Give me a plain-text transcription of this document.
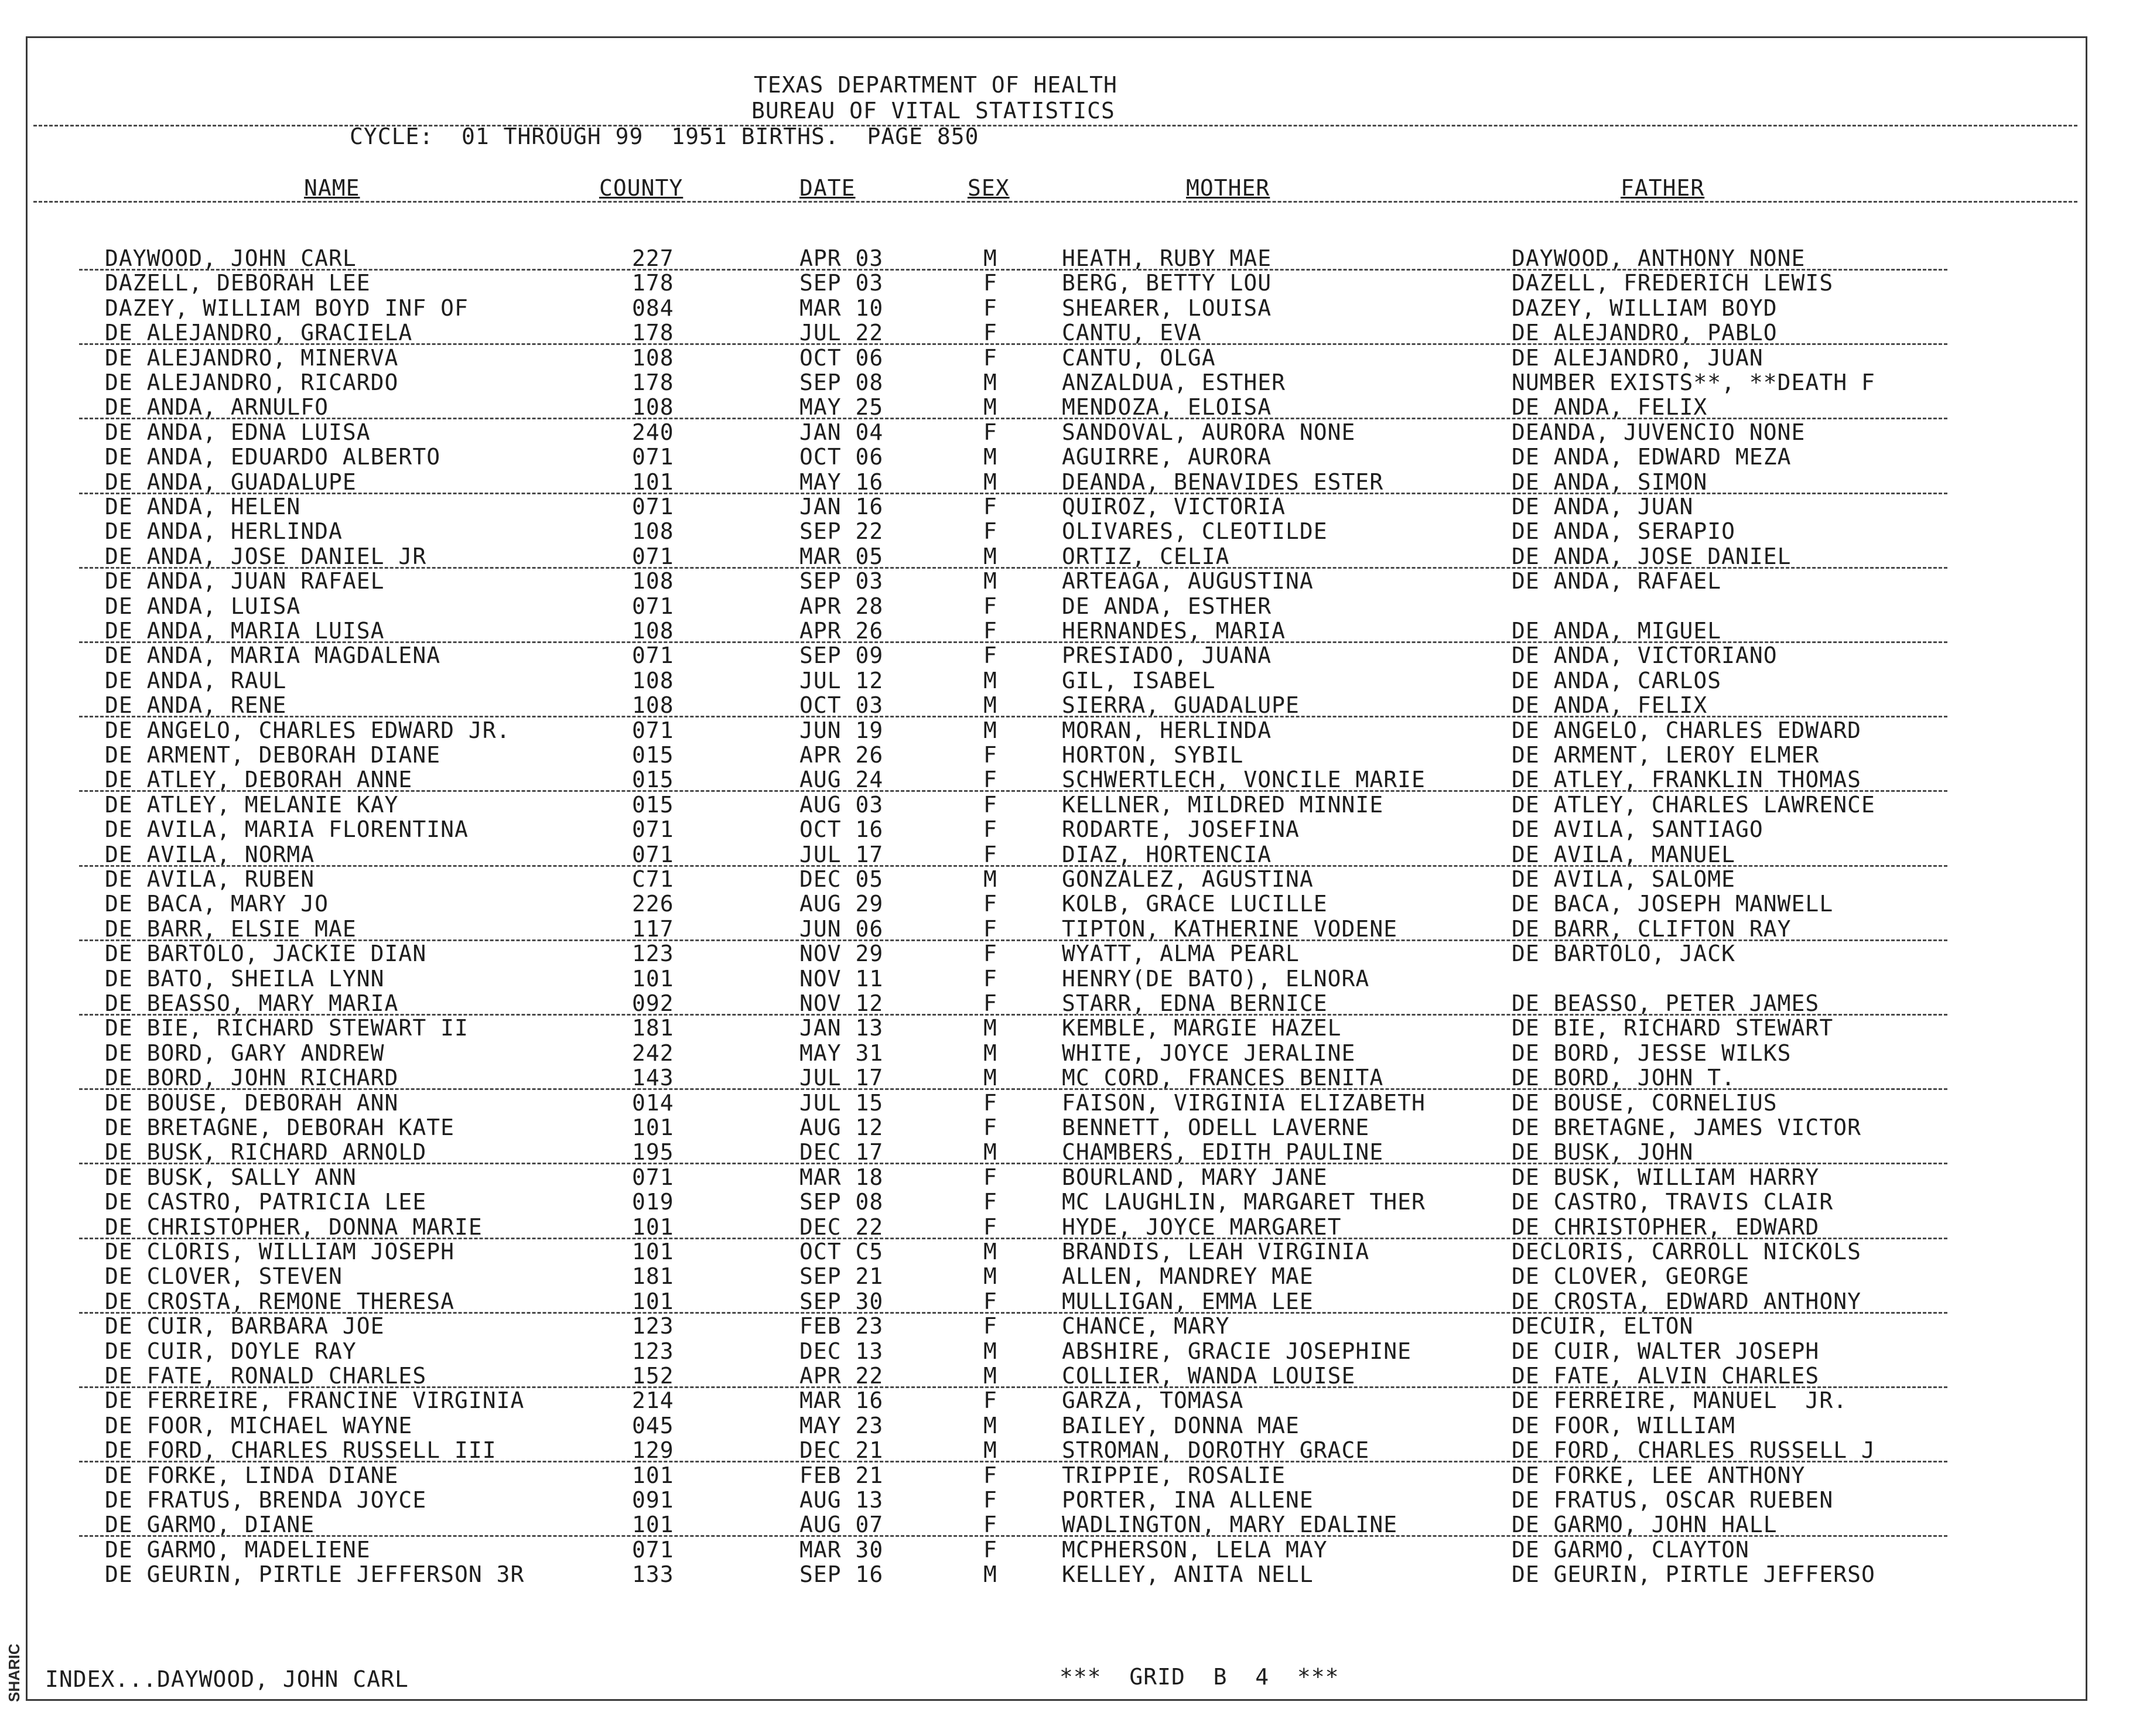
TEXAS DEPARTMENT OF HEALTH
BUREAU OF VITAL STATISTICS
CYCLE:  01 THROUGH 99  1951 BIRTHS.  PAGE 850
NAME	COUNTY	DATE	SEX	MOTHER	FATHER
DAYWOOD, JOHN CARL	227	APR 03	M	HEATH, RUBY MAE	DAYWOOD, ANTHONY NONE
DAZELL, DEBORAH LEE	178	SEP 03	F	BERG, BETTY LOU	DAZELL, FREDERICH LEWIS
DAZEY, WILLIAM BOYD INF OF	084	MAR 10	F	SHEARER, LOUISA	DAZEY, WILLIAM BOYD
DE ALEJANDRO, GRACIELA	178	JUL 22	F	CANTU, EVA	DE ALEJANDRO, PABLO
DE ALEJANDRO, MINERVA	108	OCT 06	F	CANTU, OLGA	DE ALEJANDRO, JUAN
DE ALEJANDRO, RICARDO	178	SEP 08	M	ANZALDUA, ESTHER	NUMBER EXISTS**, **DEATH F
DE ANDA, ARNULFO	108	MAY 25	M	MENDOZA, ELOISA	DE ANDA, FELIX
DE ANDA, EDNA LUISA	240	JAN 04	F	SANDOVAL, AURORA NONE	DEANDA, JUVENCIO NONE
DE ANDA, EDUARDO ALBERTO	071	OCT 06	M	AGUIRRE, AURORA	DE ANDA, EDWARD MEZA
DE ANDA, GUADALUPE	101	MAY 16	M	DEANDA, BENAVIDES ESTER	DE ANDA, SIMON
DE ANDA, HELEN	071	JAN 16	F	QUIROZ, VICTORIA	DE ANDA, JUAN
DE ANDA, HERLINDA	108	SEP 22	F	OLIVARES, CLEOTILDE	DE ANDA, SERAPIO
DE ANDA, JOSE DANIEL JR	071	MAR 05	M	ORTIZ, CELIA	DE ANDA, JOSE DANIEL
DE ANDA, JUAN RAFAEL	108	SEP 03	M	ARTEAGA, AUGUSTINA	DE ANDA, RAFAEL
DE ANDA, LUISA	071	APR 28	F	DE ANDA, ESTHER
DE ANDA, MARIA LUISA	108	APR 26	F	HERNANDES, MARIA	DE ANDA, MIGUEL
DE ANDA, MARIA MAGDALENA	071	SEP 09	F	PRESIADO, JUANA	DE ANDA, VICTORIANO
DE ANDA, RAUL	108	JUL 12	M	GIL, ISABEL	DE ANDA, CARLOS
DE ANDA, RENE	108	OCT 03	M	SIERRA, GUADALUPE	DE ANDA, FELIX
DE ANGELO, CHARLES EDWARD JR.	071	JUN 19	M	MORAN, HERLINDA	DE ANGELO, CHARLES EDWARD
DE ARMENT, DEBORAH DIANE	015	APR 26	F	HORTON, SYBIL	DE ARMENT, LEROY ELMER
DE ATLEY, DEBORAH ANNE	015	AUG 24	F	SCHWERTLECH, VONCILE MARIE	DE ATLEY, FRANKLIN THOMAS
DE ATLEY, MELANIE KAY	015	AUG 03	F	KELLNER, MILDRED MINNIE	DE ATLEY, CHARLES LAWRENCE
DE AVILA, MARIA FLORENTINA	071	OCT 16	F	RODARTE, JOSEFINA	DE AVILA, SANTIAGO
DE AVILA, NORMA	071	JUL 17	F	DIAZ, HORTENCIA	DE AVILA, MANUEL
DE AVILA, RUBEN	C71	DEC 05	M	GONZALEZ, AGUSTINA	DE AVILA, SALOME
DE BACA, MARY JO	226	AUG 29	F	KOLB, GRACE LUCILLE	DE BACA, JOSEPH MANWELL
DE BARR, ELSIE MAE	117	JUN 06	F	TIPTON, KATHERINE VODENE	DE BARR, CLIFTON RAY
DE BARTOLO, JACKIE DIAN	123	NOV 29	F	WYATT, ALMA PEARL	DE BARTOLO, JACK
DE BATO, SHEILA LYNN	101	NOV 11	F	HENRY(DE BATO), ELNORA
DE BEASSO, MARY MARIA	092	NOV 12	F	STARR, EDNA BERNICE	DE BEASSO, PETER JAMES
DE BIE, RICHARD STEWART II	181	JAN 13	M	KEMBLE, MARGIE HAZEL	DE BIE, RICHARD STEWART
DE BORD, GARY ANDREW	242	MAY 31	M	WHITE, JOYCE JERALINE	DE BORD, JESSE WILKS
DE BORD, JOHN RICHARD	143	JUL 17	M	MC CORD, FRANCES BENITA	DE BORD, JOHN T.
DE BOUSE, DEBORAH ANN	014	JUL 15	F	FAISON, VIRGINIA ELIZABETH	DE BOUSE, CORNELIUS
DE BRETAGNE, DEBORAH KATE	101	AUG 12	F	BENNETT, ODELL LAVERNE	DE BRETAGNE, JAMES VICTOR
DE BUSK, RICHARD ARNOLD	195	DEC 17	M	CHAMBERS, EDITH PAULINE	DE BUSK, JOHN
DE BUSK, SALLY ANN	071	MAR 18	F	BOURLAND, MARY JANE	DE BUSK, WILLIAM HARRY
DE CASTRO, PATRICIA LEE	019	SEP 08	F	MC LAUGHLIN, MARGARET THER	DE CASTRO, TRAVIS CLAIR
DE CHRISTOPHER, DONNA MARIE	101	DEC 22	F	HYDE, JOYCE MARGARET	DE CHRISTOPHER, EDWARD
DE CLORIS, WILLIAM JOSEPH	101	OCT C5	M	BRANDIS, LEAH VIRGINIA	DECLORIS, CARROLL NICKOLS
DE CLOVER, STEVEN	181	SEP 21	M	ALLEN, MANDREY MAE	DE CLOVER, GEORGE
DE CROSTA, REMONE THERESA	101	SEP 30	F	MULLIGAN, EMMA LEE	DE CROSTA, EDWARD ANTHONY
DE CUIR, BARBARA JOE	123	FEB 23	F	CHANCE, MARY	DECUIR, ELTON
DE CUIR, DOYLE RAY	123	DEC 13	M	ABSHIRE, GRACIE JOSEPHINE	DE CUIR, WALTER JOSEPH
DE FATE, RONALD CHARLES	152	APR 22	M	COLLIER, WANDA LOUISE	DE FATE, ALVIN CHARLES
DE FERREIRE, FRANCINE VIRGINIA	214	MAR 16	F	GARZA, TOMASA	DE FERREIRE, MANUEL  JR.
DE FOOR, MICHAEL WAYNE	045	MAY 23	M	BAILEY, DONNA MAE	DE FOOR, WILLIAM
DE FORD, CHARLES RUSSELL III	129	DEC 21	M	STROMAN, DOROTHY GRACE	DE FORD, CHARLES RUSSELL J
DE FORKE, LINDA DIANE	101	FEB 21	F	TRIPPIE, ROSALIE	DE FORKE, LEE ANTHONY
DE FRATUS, BRENDA JOYCE	091	AUG 13	F	PORTER, INA ALLENE	DE FRATUS, OSCAR RUEBEN
DE GARMO, DIANE	101	AUG 07	F	WADLINGTON, MARY EDALINE	DE GARMO, JOHN HALL
DE GARMO, MADELIENE	071	MAR 30	F	MCPHERSON, LELA MAY	DE GARMO, CLAYTON
DE GEURIN, PIRTLE JEFFERSON 3R	133	SEP 16	M	KELLEY, ANITA NELL	DE GEURIN, PIRTLE JEFFERSO
INDEX...DAYWOOD, JOHN CARL	***  GRID  B  4  ***
SHARIC
